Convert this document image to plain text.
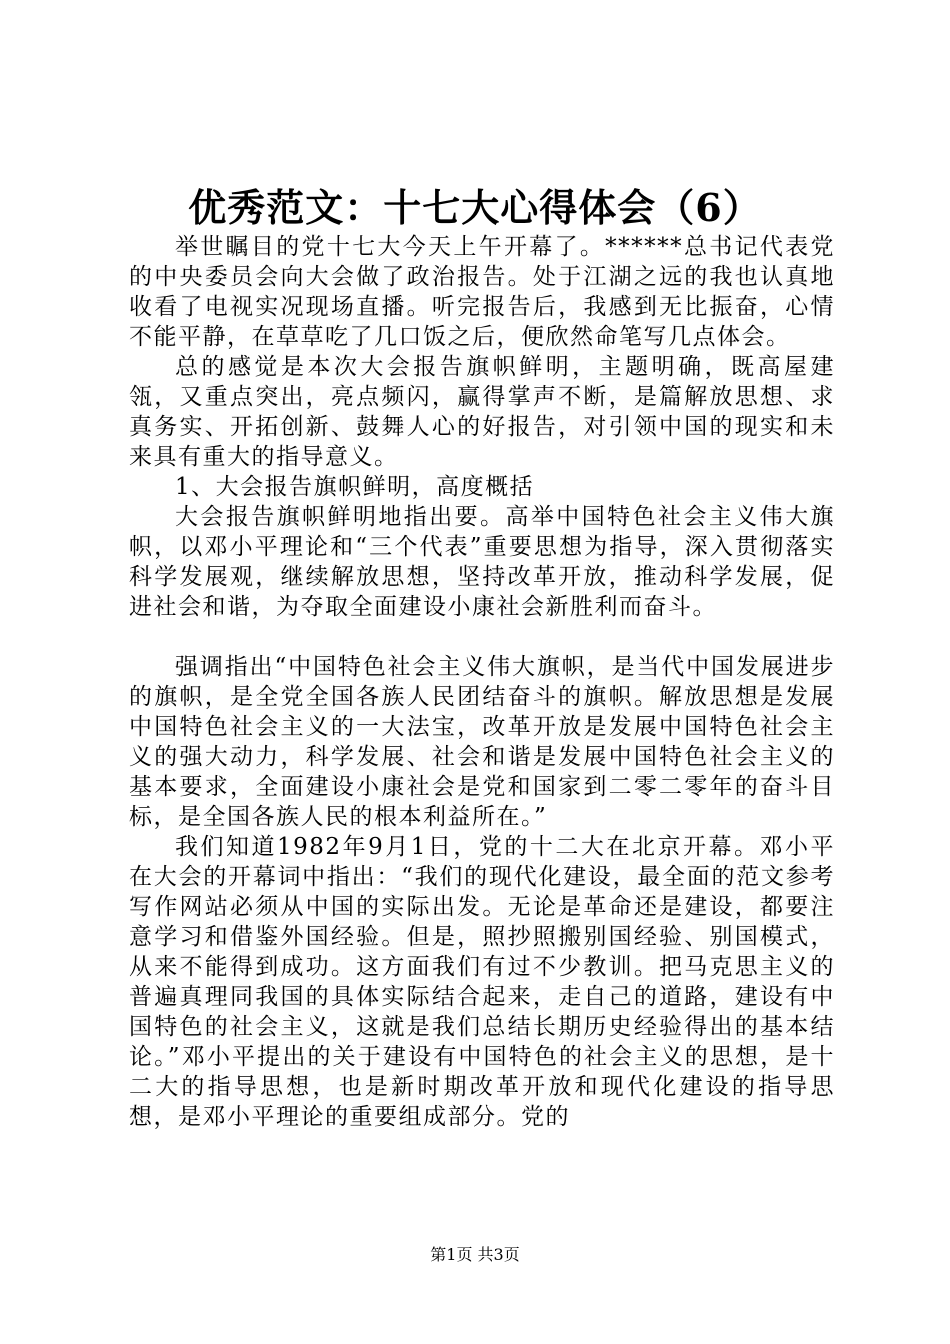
优秀范文：十七大心得体会（6）

举世瞩目的党十七大今天上午开幕了。******总书记代表党的中央委员会向大会做了政治报告。处于江湖之远的我也认真地收看了电视实况现场直播。听完报告后，我感到无比振奋，心情不能平静，在草草吃了几口饭之后，便欣然命笔写几点体会。

总的感觉是本次大会报告旗帜鲜明，主题明确，既高屋建瓴，又重点突出，亮点频闪，赢得掌声不断，是篇解放思想、求真务实、开拓创新、鼓舞人心的好报告，对引领中国的现实和未来具有重大的指导意义。

1、大会报告旗帜鲜明，高度概括

大会报告旗帜鲜明地指出要。高举中国特色社会主义伟大旗帜，以邓小平理论和“三个代表”重要思想为指导，深入贯彻落实科学发展观，继续解放思想，坚持改革开放，推动科学发展，促进社会和谐，为夺取全面建设小康社会新胜利而奋斗。

强调指出“中国特色社会主义伟大旗帜，是当代中国发展进步的旗帜，是全党全国各族人民团结奋斗的旗帜。解放思想是发展中国特色社会主义的一大法宝，改革开放是发展中国特色社会主义的强大动力，科学发展、社会和谐是发展中国特色社会主义的基本要求，全面建设小康社会是党和国家到二零二零年的奋斗目标，是全国各族人民的根本利益所在。”

我们知道1982年9月1日，党的十二大在北京开幕。邓小平在大会的开幕词中指出：“我们的现代化建设，最全面的范文参考写作网站必须从中国的实际出发。无论是革命还是建设，都要注意学习和借鉴外国经验。但是，照抄照搬别国经验、别国模式，从来不能得到成功。这方面我们有过不少教训。把马克思主义的普遍真理同我国的具体实际结合起来，走自己的道路，建设有中国特色的社会主义，这就是我们总结长期历史经验得出的基本结论。”邓小平提出的关于建设有中国特色的社会主义的思想，是十二大的指导思想，也是新时期改革开放和现代化建设的指导思想，是邓小平理论的重要组成部分。党的

第1页 共3页
